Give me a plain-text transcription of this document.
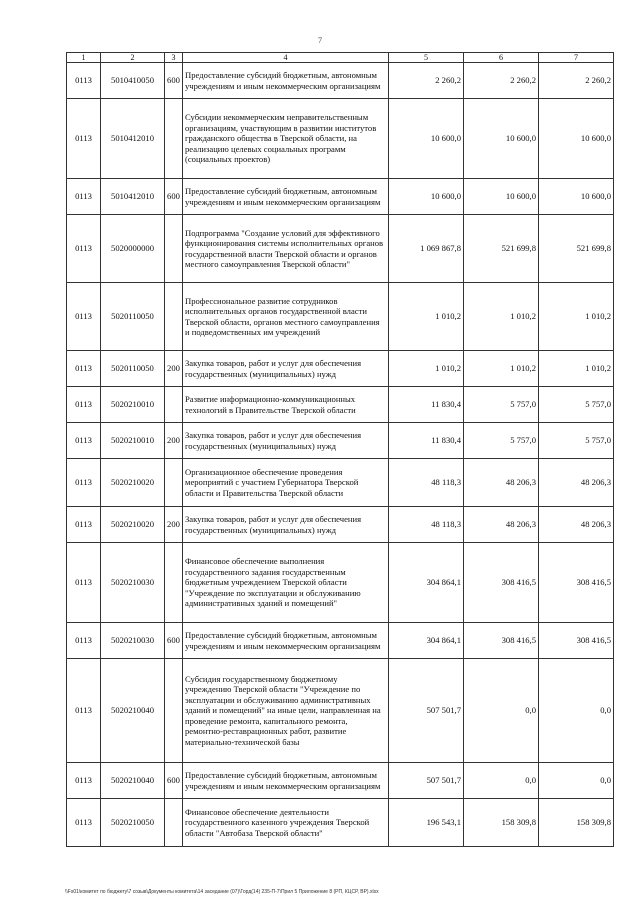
7
1	2	3	4	5	6	7
0113	5010410050	600	Предоставление субсидий бюджетным, автономным учреждениям и иным некоммерческим организациям	2 260,2	2 260,2	2 260,2
0113	5010412010		Субсидии некоммерческим неправительственным организациям, участвующим в развитии институтов гражданского общества в Тверской области, на реализацию целевых социальных программ (социальных проектов)	10 600,0	10 600,0	10 600,0
0113	5010412010	600	Предоставление субсидий бюджетным, автономным учреждениям и иным некоммерческим организациям	10 600,0	10 600,0	10 600,0
0113	5020000000		Подпрограмма "Создание условий для эффективного функционирования системы исполнительных органов государственной власти Тверской области и органов местного самоуправления Тверской области"	1 069 867,8	521 699,8	521 699,8
0113	5020110050		Профессиональное развитие сотрудников исполнительных органов государственной власти Тверской области, органов местного самоуправления и подведомственных им учреждений	1 010,2	1 010,2	1 010,2
0113	5020110050	200	Закупка товаров, работ и услуг для обеспечения государственных (муниципальных) нужд	1 010,2	1 010,2	1 010,2
0113	5020210010		Развитие информационно-коммуникационных технологий в Правительстве Тверской области	11 830,4	5 757,0	5 757,0
0113	5020210010	200	Закупка товаров, работ и услуг для обеспечения государственных (муниципальных) нужд	11 830,4	5 757,0	5 757,0
0113	5020210020		Организационное обеспечение проведения мероприятий с участием Губернатора Тверской области и Правительства Тверской области	48 118,3	48 206,3	48 206,3
0113	5020210020	200	Закупка товаров, работ и услуг для обеспечения государственных (муниципальных) нужд	48 118,3	48 206,3	48 206,3
0113	5020210030		Финансовое обеспечение выполнения государственного задания государственным бюджетным учреждением Тверской области "Учреждение по эксплуатации и обслуживанию административных зданий и помещений"	304 864,1	308 416,5	308 416,5
0113	5020210030	600	Предоставление субсидий бюджетным, автономным учреждениям и иным некоммерческим организациям	304 864,1	308 416,5	308 416,5
0113	5020210040		Субсидия государственному бюджетному учреждению Тверской области "Учреждение по эксплуатации и обслуживанию административных зданий и помещений" на иные цели, направленная на проведение ремонта, капитального ремонта, ремонтно-реставрационных работ, развитие материально-технической базы	507 501,7	0,0	0,0
0113	5020210040	600	Предоставление субсидий бюджетным, автономным учреждениям и иным некоммерческим организациям	507 501,7	0,0	0,0
0113	5020210050		Финансовое обеспечение деятельности государственного казенного учреждения Тверской области "Автобаза Тверской области"	196 543,1	158 309,8	158 309,8
\\Fs01\комитет по бюджету\7 созыв\Документы комитета\14 заседание (07)\Горд(14) 235-П-7\Прил 5 Приложение 8 (РП, КЦСР, ВР).xlsx
